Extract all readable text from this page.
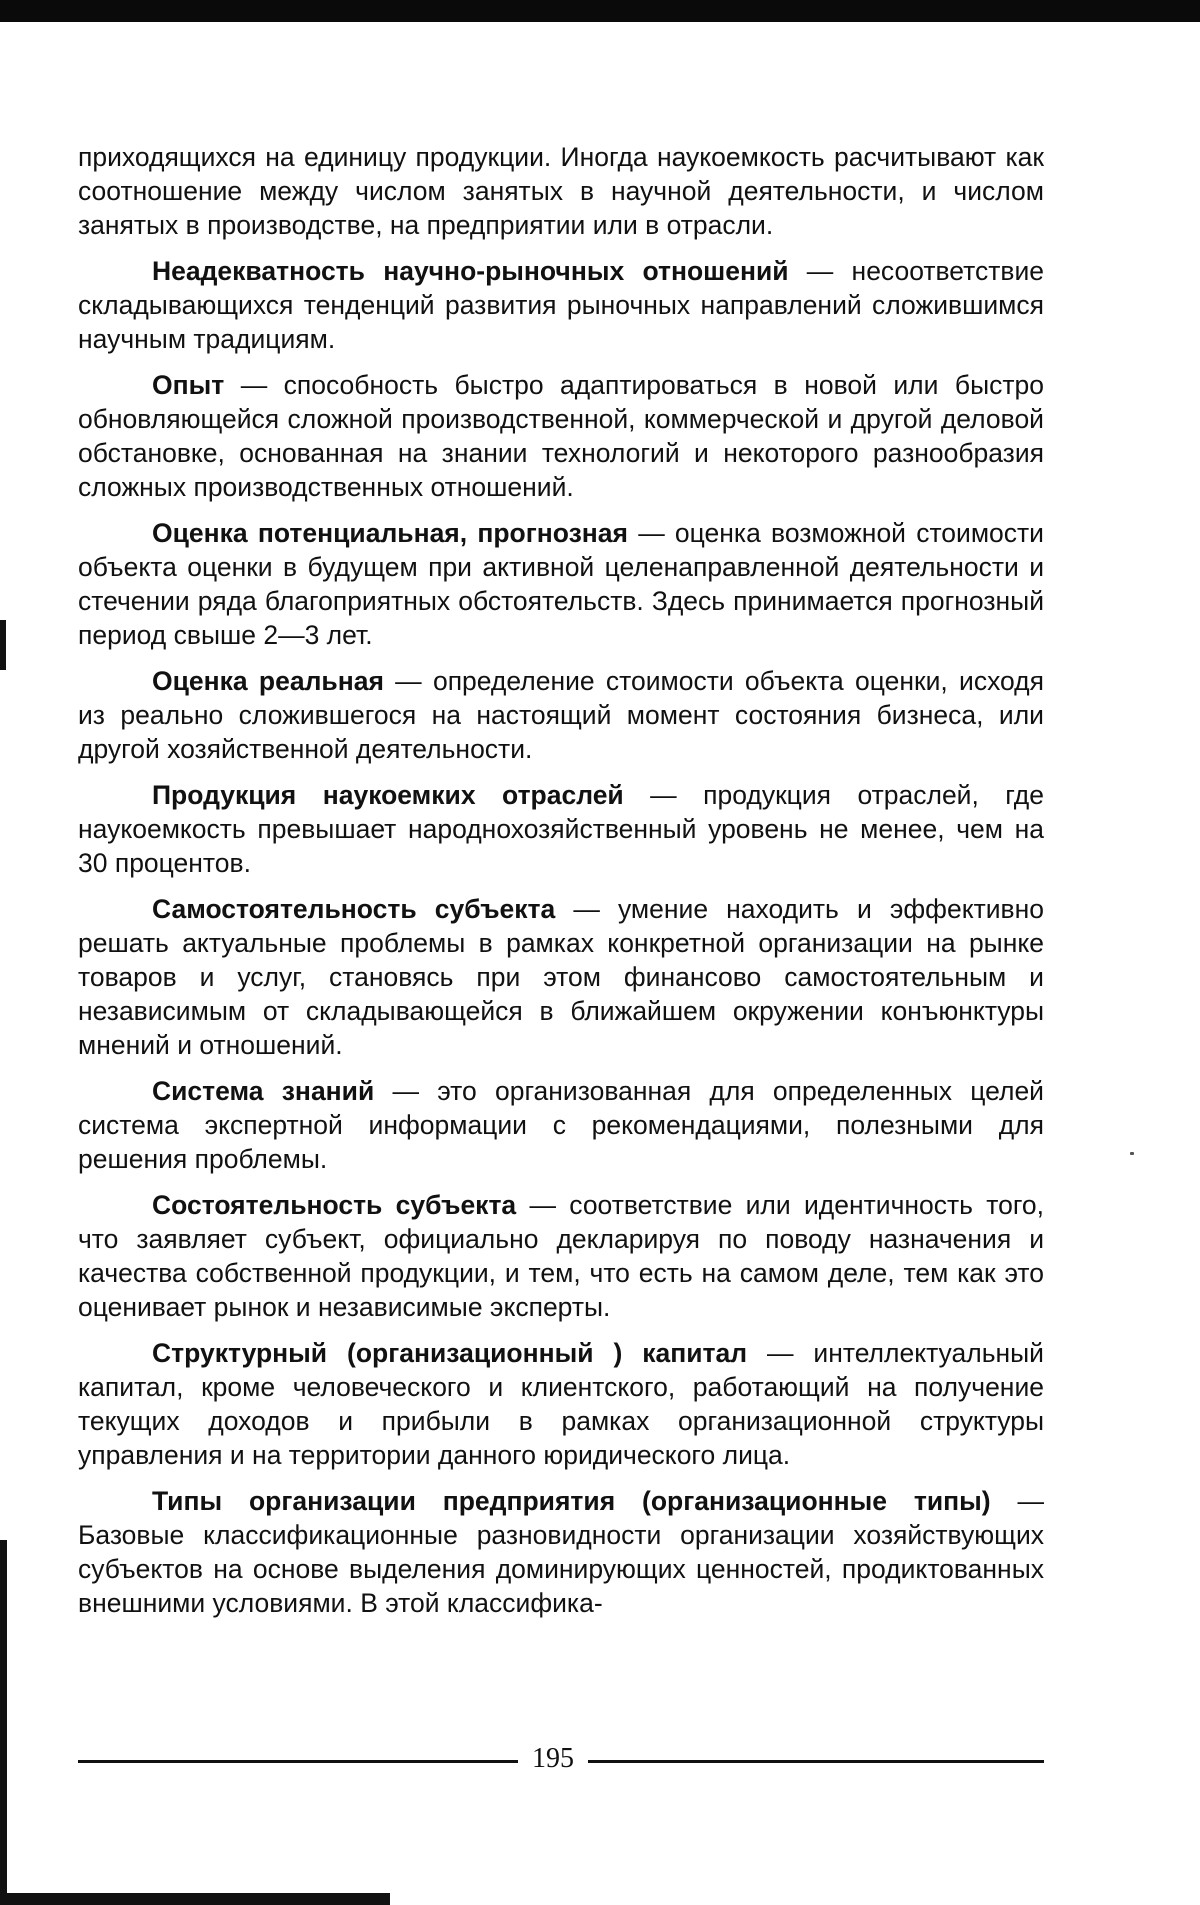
приходящихся на единицу продукции. Иногда наукоемкость расчитывают как соотношение между числом занятых в научной деятельности, и числом занятых в производстве, на предприятии или в отрасли.

Неадекватность научно-рыночных отношений — несоответствие складывающихся тенденций развития рыночных направлений сложившимся научным традициям.

Опыт — способность быстро адаптироваться в новой или быстро обновляющейся сложной производственной, коммерческой и другой деловой обстановке, основанная на знании технологий и некоторого разнообразия сложных производственных отношений.

Оценка потенциальная, прогнозная — оценка возможной стоимости объекта оценки в будущем при активной целенаправленной деятельности и стечении ряда благоприятных обстоятельств. Здесь принимается прогнозный период свыше 2—3 лет.

Оценка реальная — определение стоимости объекта оценки, исходя из реально сложившегося на настоящий момент состояния бизнеса, или другой хозяйственной деятельности.

Продукция наукоемких отраслей — продукция отраслей, где наукоемкость превышает народнохозяйственный уровень не менее, чем на 30 процентов.

Самостоятельность субъекта — умение находить и эффективно решать актуальные проблемы в рамках конкретной организации на рынке товаров и услуг, становясь при этом финансово самостоятельным и независимым от складывающейся в ближайшем окружении конъюнктуры мнений и отношений.

Система знаний — это организованная для определенных целей система экспертной информации с рекомендациями, полезными для решения проблемы.

Состоятельность субъекта — соответствие или идентичность того, что заявляет субъект, официально декларируя по поводу назначения и качества собственной продукции, и тем, что есть на самом деле, тем как это оценивает рынок и независимые эксперты.

Структурный (организационный ) капитал — интеллектуальный капитал, кроме человеческого и клиентского, работающий на получение текущих доходов и прибыли в рамках организационной структуры управления и на территории данного юридического лица.

Типы организации предприятия (организационные типы) — Базовые классификационные разновидности организации хозяйствующих субъектов на основе выделения доминирующих ценностей, продиктованных внешними условиями. В этой классифика-

195
